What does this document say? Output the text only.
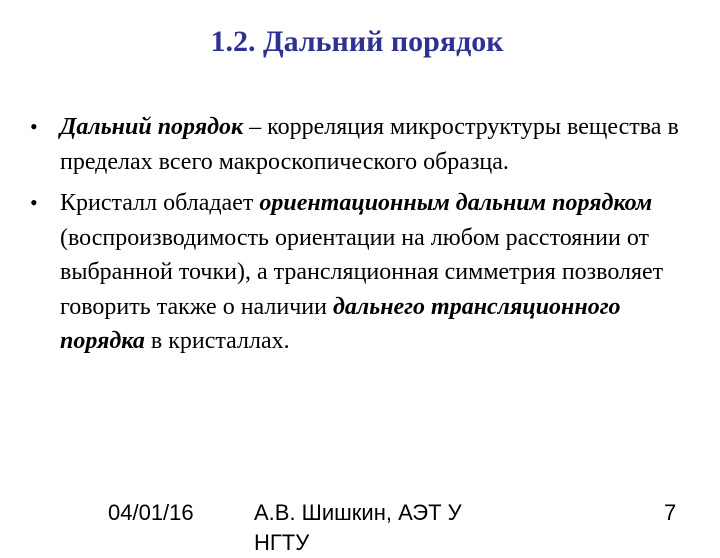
1.2. Дальний порядок
• Дальний порядок – корреляция микроструктуры вещества в пределах всего макроскопического образца.
• Кристалл обладает ориентационным дальним порядком (воспроизводимость ориентации на любом расстоянии от выбранной точки), а трансляционная симметрия позволяет говорить также о наличии дальнего трансляционного порядка в кристаллах.
04/01/16	А.В. Шишкин, АЭТ У НГТУ
7
